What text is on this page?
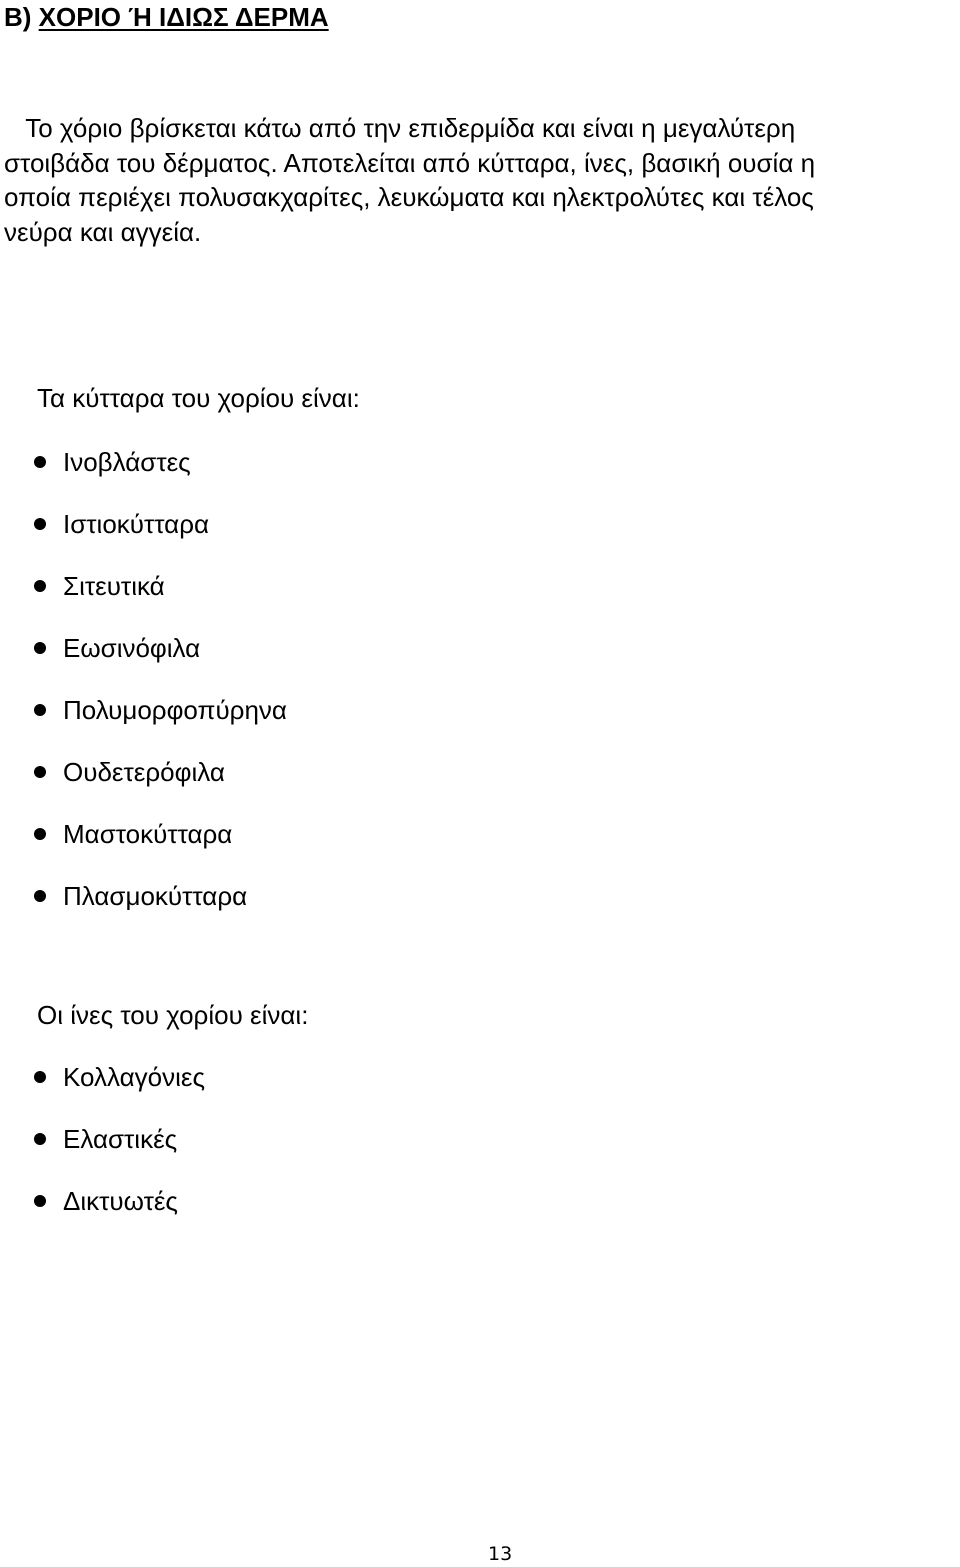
B) ΧΟΡΙΟ Ή ΙΔΙΩΣ ΔΕΡΜΑ
Το χόριο βρίσκεται κάτω από την επιδερμίδα και είναι η μεγαλύτερη
στοιβάδα του δέρματος. Αποτελείται από κύτταρα, ίνες, βασική ουσία η
οποία περιέχει πολυσακχαρίτες, λευκώματα και ηλεκτρολύτες και τέλος
νεύρα και αγγεία.
Τα κύτταρα του χορίου είναι:
Ινοβλάστες
Ιστιοκύτταρα
Σιτευτικά
Εωσινόφιλα
Πολυμορφοπύρηνα
Ουδετερόφιλα
Μαστοκύτταρα
Πλασμοκύτταρα
Οι ίνες του χορίου είναι:
Κολλαγόνιες
Ελαστικές
Δικτυωτές
13
